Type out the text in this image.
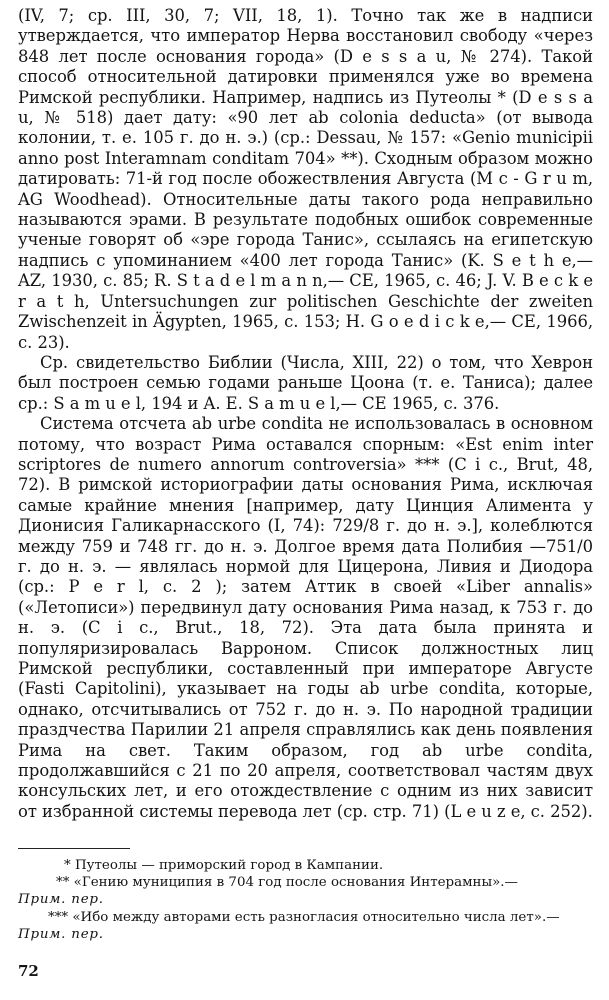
(IV, 7; ср. III, 30, 7; VII, 18, 1). Точно так же в надписи утверждается, что император Нерва восстановил свободу «через 848 лет после основания города» (D e s s a u, № 274). Такой способ относительной датировки применялся уже во времена Римской республики. Например, надпись из Путеолы * (D e s s a u, № 518) дает дату: «90 лет ab colonia deducta» (от вывода колонии, т. е. 105 г. до н. э.) (ср.: Dessau, № 157: «Genio municipii anno post Interamnam conditam 704» **). Сходным образом можно датировать: 71-й год после обожествления Августа (M c - G r u m, AG Woodhead). Относительные даты такого рода неправильно называются эрами. В результате подобных ошибок современные ученые говорят об «эре города Танис», ссылаясь на египетскую надпись с упоминанием «400 лет города Танис» (K. S e t h e,— AZ, 1930, с. 85; R. S t a d e l m a n n,— CE, 1965, с. 46; J. V. B e c k e r a t h, Untersuchungen zur politischen Geschichte der zweiten Zwischenzeit in Ägypten, 1965, с. 153; H. G o e d i c k e,— CE, 1966, с. 23).

Ср. свидетельство Библии (Числа, XIII, 22) о том, что Хеврон был построен семью годами раньше Цоона (т. е. Таниса); далее ср.: S a m u e l, 194 и A. E. S a m u e l,— CE 1965, с. 376.

Система отсчета ab urbe condita не использовалась в основном потому, что возраст Рима оставался спорным: «Est enim inter scriptores de numero annorum controversia» *** (C i c., Brut, 48, 72). В римской историографии даты основания Рима, исключая самые крайние мнения [например, дату Цинция Алимента у Дионисия Галикарнасского (I, 74): 729/8 г. до н. э.], колеблются между 759 и 748 гг. до н. э. Долгое время дата Полибия —751/0 г. до н. э. — являлась нормой для Цицерона, Ливия и Диодора (ср.: P e r l, с. 2 ); затем Аттик в своей «Liber annalis» («Летописи») передвинул дату основания Рима назад, к 753 г. до н. э. (C i c., Brut., 18, 72). Эта дата была принята и популяризировалась Варроном. Список должностных лиц Римской республики, составленный при императоре Августе (Fasti Capitolini), указывает на годы ab urbe condita, которые, однако, отсчитывались от 752 г. до н. э. По народной традиции праздчества Парилии 21 апреля справлялись как день появления Рима на свет. Таким образом, год ab urbe condita, продолжавшийся с 21 по 20 апреля, соответствовал частям двух консульских лет, и его отождествление с одним из них зависит от избранной системы перевода лет (ср. стр. 71) (L e u z e, с. 252).

* Путеолы — приморский город в Кампании.

** «Гению муниципия в 704 год после основания Интерамны».—

Прим. пер.

*** «Ибо между авторами есть разногласия относительно числа лет».—

Прим. пер.

72
